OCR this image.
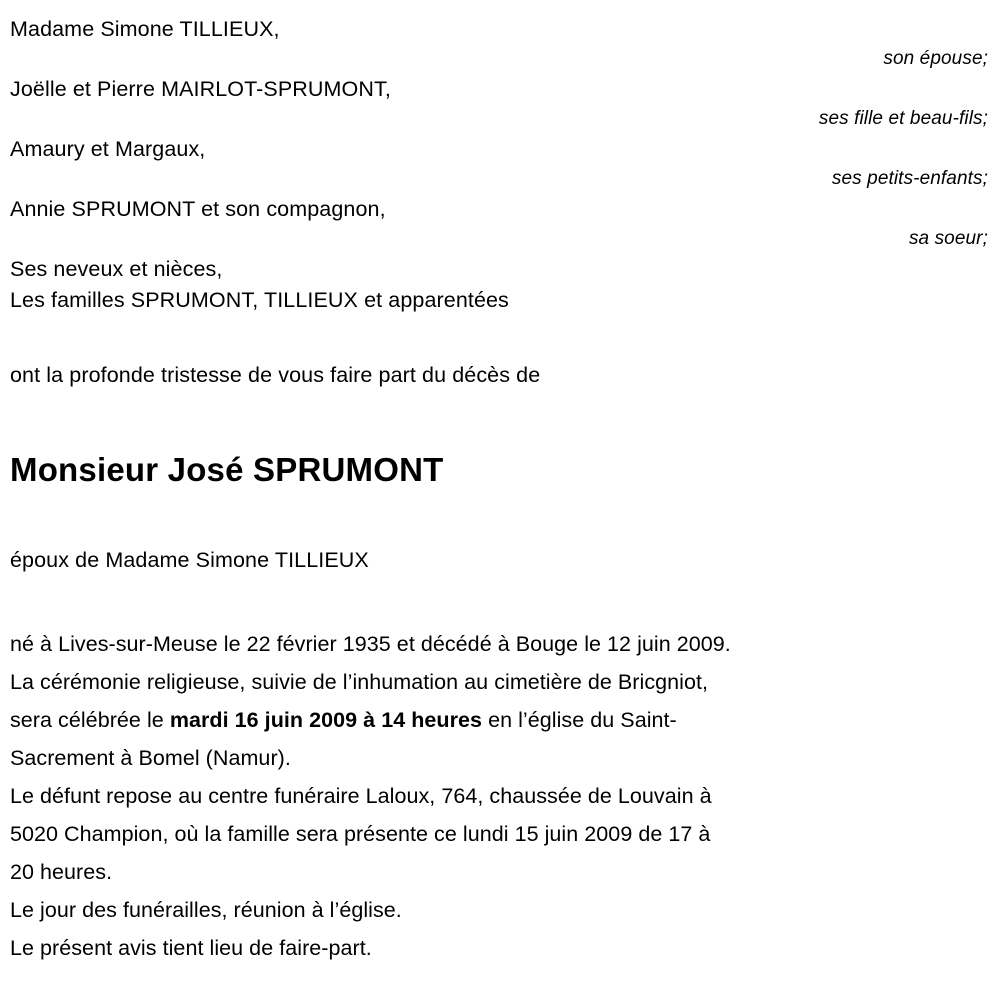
Madame Simone TILLIEUX,
son épouse;
Joëlle et Pierre MAIRLOT-SPRUMONT,
ses fille et beau-fils;
Amaury et Margaux,
ses petits-enfants;
Annie SPRUMONT et son compagnon,
sa soeur;
Ses neveux et nièces,
Les familles SPRUMONT, TILLIEUX et apparentées
ont la profonde tristesse de vous faire part du décès de
Monsieur José SPRUMONT
époux de Madame Simone TILLIEUX
né à Lives-sur-Meuse le 22 février 1935 et décédé à Bouge le 12 juin 2009.
La cérémonie religieuse, suivie de l’inhumation au cimetière de Bricgniot,
sera célébrée le mardi 16 juin 2009 à 14 heures en l’église du Saint-
Sacrement à Bomel (Namur).
Le défunt repose au centre funéraire Laloux, 764, chaussée de Louvain à
5020 Champion, où la famille sera présente ce lundi 15 juin 2009 de 17 à
20 heures.
Le jour des funérailles, réunion à l’église.
Le présent avis tient lieu de faire-part.
